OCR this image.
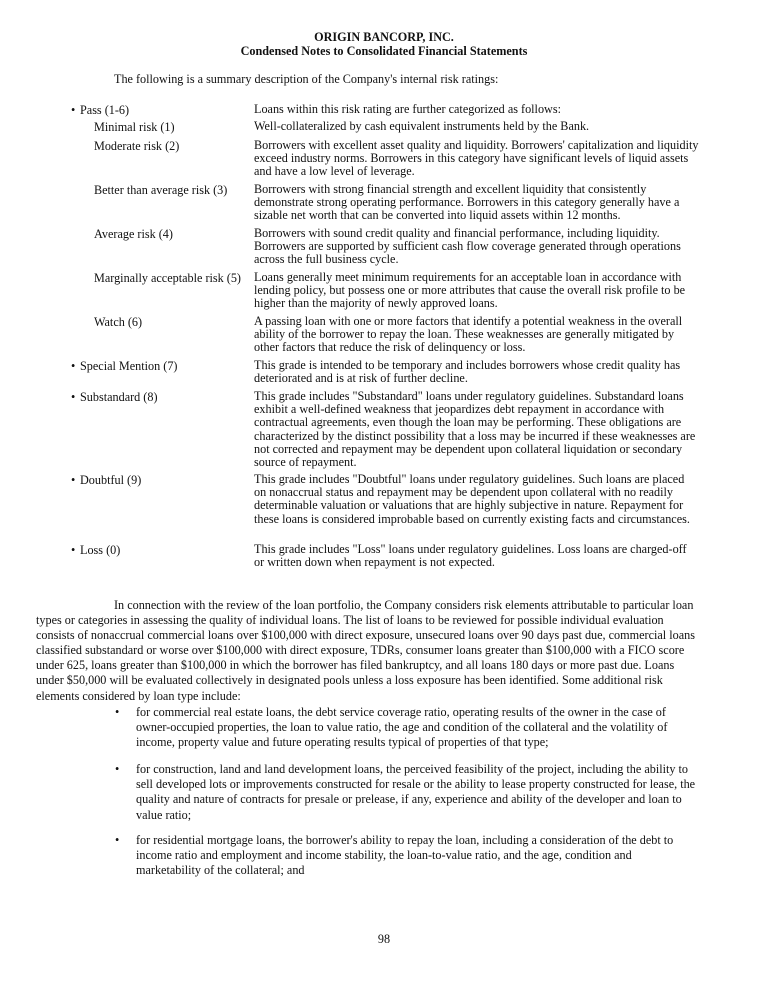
ORIGIN BANCORP, INC.
Condensed Notes to Consolidated Financial Statements
The following is a summary description of the Company's internal risk ratings:
• Pass (1-6)	Loans within this risk rating are further categorized as follows:
Minimal risk (1)	Well-collateralized by cash equivalent instruments held by the Bank.
Moderate risk (2)	Borrowers with excellent asset quality and liquidity. Borrowers' capitalization and liquidity exceed industry norms. Borrowers in this category have significant levels of liquid assets and have a low level of leverage.
Better than average risk (3) Borrowers with strong financial strength and excellent liquidity that consistently demonstrate strong operating performance. Borrowers in this category generally have a sizable net worth that can be converted into liquid assets within 12 months.
Average risk (4)	Borrowers with sound credit quality and financial performance, including liquidity. Borrowers are supported by sufficient cash flow coverage generated through operations across the full business cycle.
Marginally acceptable risk (5) Loans generally meet minimum requirements for an acceptable loan in accordance with lending policy, but possess one or more attributes that cause the overall risk profile to be higher than the majority of newly approved loans.
Watch (6)	A passing loan with one or more factors that identify a potential weakness in the overall ability of the borrower to repay the loan. These weaknesses are generally mitigated by other factors that reduce the risk of delinquency or loss.
• Special Mention (7)	This grade is intended to be temporary and includes borrowers whose credit quality has deteriorated and is at risk of further decline.
• Substandard (8)	This grade includes "Substandard" loans under regulatory guidelines. Substandard loans exhibit a well-defined weakness that jeopardizes debt repayment in accordance with contractual agreements, even though the loan may be performing. These obligations are characterized by the distinct possibility that a loss may be incurred if these weaknesses are not corrected and repayment may be dependent upon collateral liquidation or secondary source of repayment.
• Doubtful (9)	This grade includes "Doubtful" loans under regulatory guidelines. Such loans are placed on nonaccrual status and repayment may be dependent upon collateral with no readily determinable valuation or valuations that are highly subjective in nature. Repayment for these loans is considered improbable based on currently existing facts and circumstances.
• Loss (0)	This grade includes "Loss" loans under regulatory guidelines. Loss loans are charged-off or written down when repayment is not expected.
In connection with the review of the loan portfolio, the Company considers risk elements attributable to particular loan types or categories in assessing the quality of individual loans. The list of loans to be reviewed for possible individual evaluation consists of nonaccrual commercial loans over $100,000 with direct exposure, unsecured loans over 90 days past due, commercial loans classified substandard or worse over $100,000 with direct exposure, TDRs, consumer loans greater than $100,000 with a FICO score under 625, loans greater than $100,000 in which the borrower has filed bankruptcy, and all loans 180 days or more past due. Loans under $50,000 will be evaluated collectively in designated pools unless a loss exposure has been identified. Some additional risk elements considered by loan type include:
• for commercial real estate loans, the debt service coverage ratio, operating results of the owner in the case of owner-occupied properties, the loan to value ratio, the age and condition of the collateral and the volatility of income, property value and future operating results typical of properties of that type;
• for construction, land and land development loans, the perceived feasibility of the project, including the ability to sell developed lots or improvements constructed for resale or the ability to lease property constructed for lease, the quality and nature of contracts for presale or prelease, if any, experience and ability of the developer and loan to value ratio;
• for residential mortgage loans, the borrower's ability to repay the loan, including a consideration of the debt to income ratio and employment and income stability, the loan-to-value ratio, and the age, condition and marketability of the collateral; and
98
